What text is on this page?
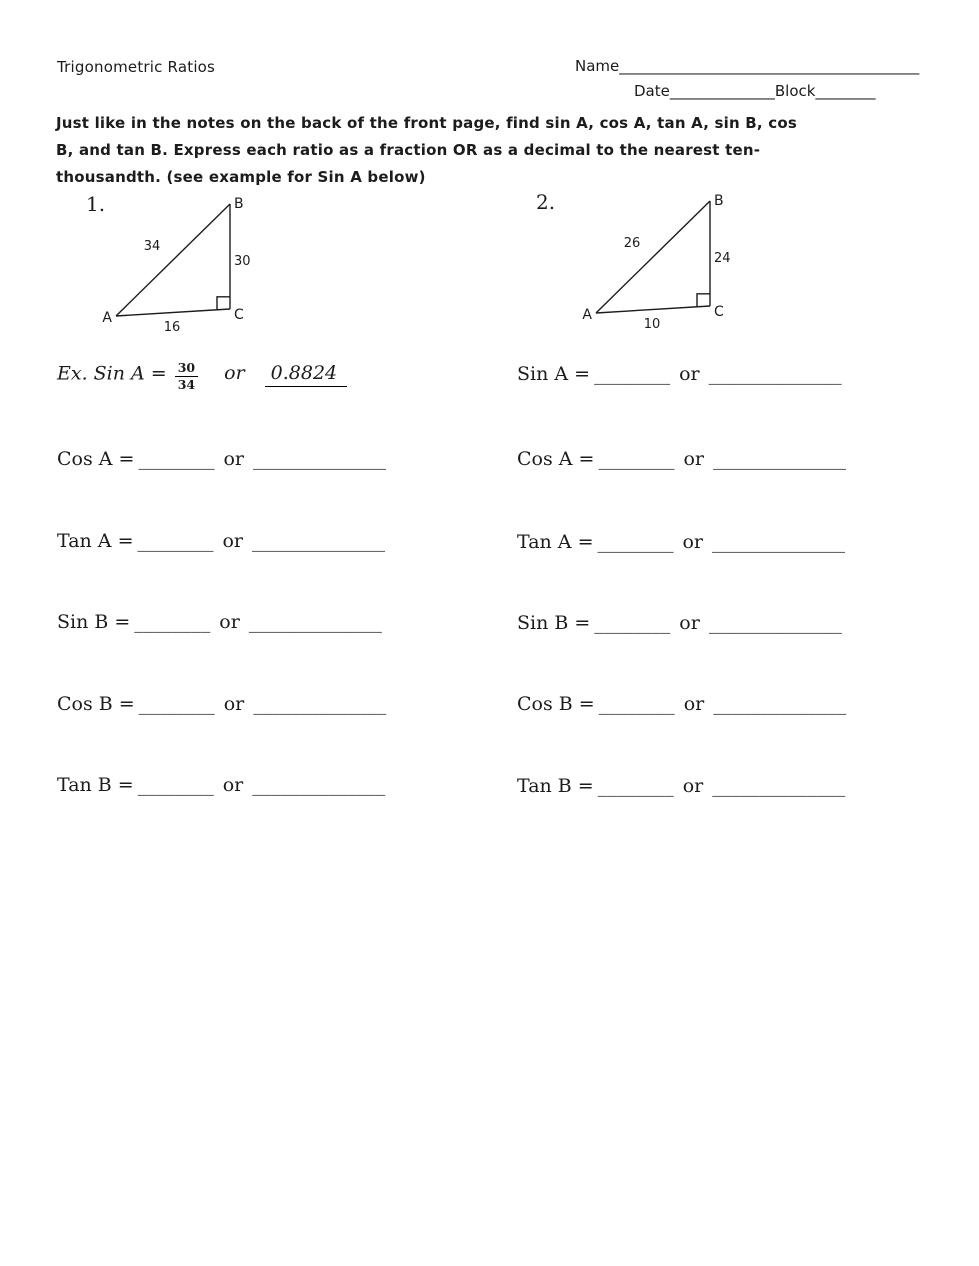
Trigonometric Ratios	Name________________________________________
Date______________Block________
Just like in the notes on the back of the front page, find sin A, cos A, tan A, sin B, cos
B, and tan B. Express each ratio as a fraction OR as a decimal to the nearest ten-
thousandth. (see example for Sin A below)
1.	2.
34
30
16
A
B
C
26
24
10
A
B
C
Ex. Sin $A = \frac{30}{34}$ or 0.8824
Cos A = ________ or ______________
Tan A = ________ or ______________
Sin B = ________ or ______________
Cos B = ________ or ______________
Tan B = ________ or ______________
Sin A = ________ or ______________
Cos A = ________ or ______________
Tan A = ________ or ______________
Sin B = ________ or ______________
Cos B = ________ or ______________
Tan B = ________ or ______________
